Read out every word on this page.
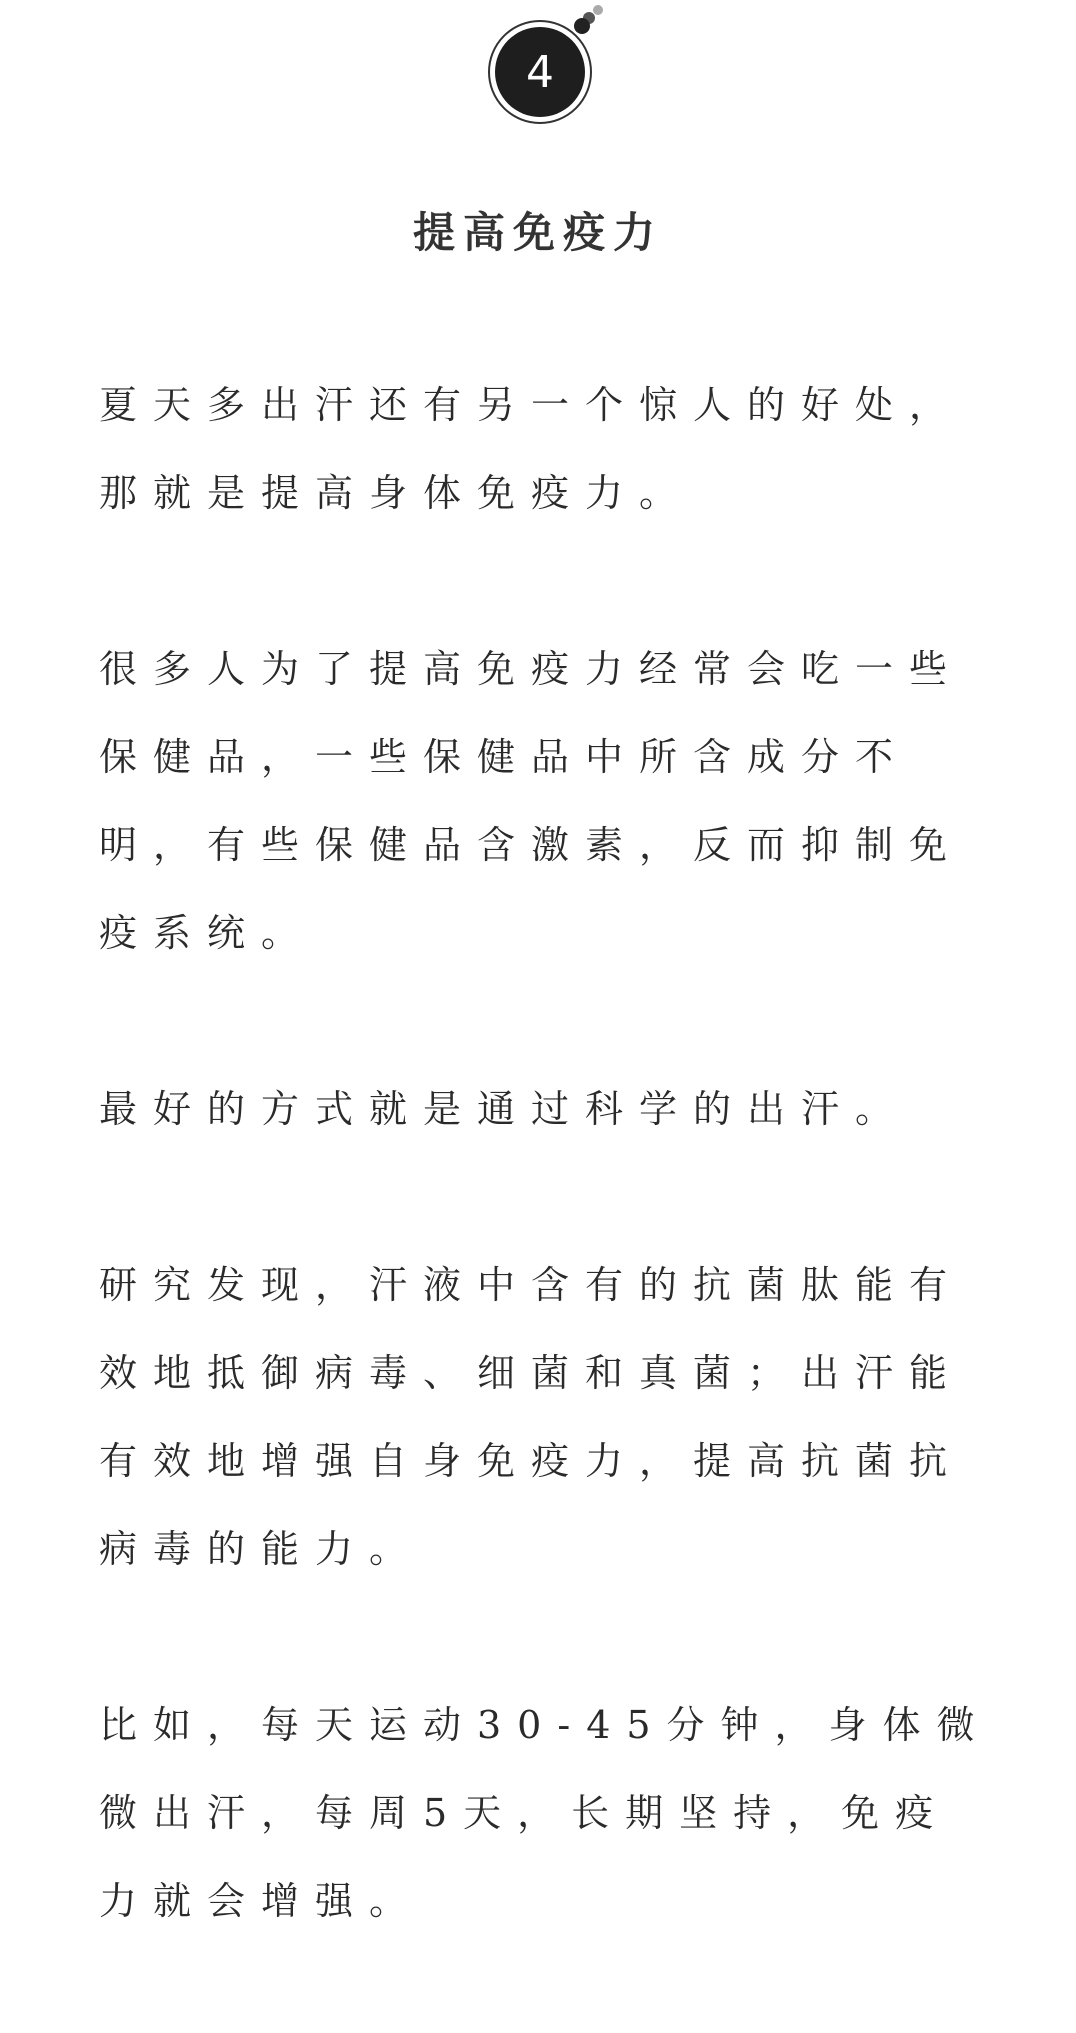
4
提高免疫力

夏天多出汗还有另一个惊人的好处，
那就是提高身体免疫力。

很多人为了提高免疫力经常会吃一些
保健品，一些保健品中所含成分不
明，有些保健品含激素，反而抑制免
疫系统。

最好的方式就是通过科学的出汗。

研究发现，汗液中含有的抗菌肽能有
效地抵御病毒、细菌和真菌；出汗能
有效地增强自身免疫力，提高抗菌抗
病毒的能力。

比如，每天运动30-45分钟，身体微
微出汗，每周5天，长期坚持，免疫
力就会增强。
